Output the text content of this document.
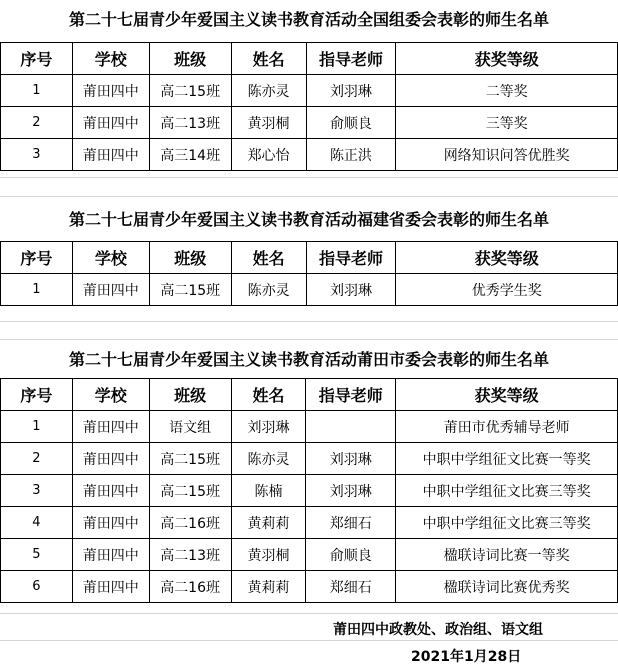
第二十七届青少年爱国主义读书教育活动全国组委会表彰的师生名单
序号	学校	班级	姓名	指导老师	获奖等级
1	莆田四中	高二15班	陈亦灵	刘羽琳	二等奖
2	莆田四中	高二13班	黄羽桐	俞顺良	三等奖
3	莆田四中	高三14班	郑心怡	陈正洪	网络知识问答优胜奖
第二十七届青少年爱国主义读书教育活动福建省委会表彰的师生名单
序号	学校	班级	姓名	指导老师	获奖等级
1	莆田四中	高二15班	陈亦灵	刘羽琳	优秀学生奖
第二十七届青少年爱国主义读书教育活动莆田市委会表彰的师生名单
序号	学校	班级	姓名	指导老师	获奖等级
1	莆田四中	语文组	刘羽琳		莆田市优秀辅导老师
2	莆田四中	高二15班	陈亦灵	刘羽琳	中职中学组征文比赛一等奖
3	莆田四中	高二15班	陈楠	刘羽琳	中职中学组征文比赛三等奖
4	莆田四中	高二16班	黄莉莉	郑细石	中职中学组征文比赛三等奖
5	莆田四中	高二13班	黄羽桐	俞顺良	楹联诗词比赛一等奖
6	莆田四中	高二16班	黄莉莉	郑细石	楹联诗词比赛优秀奖
莆田四中政教处、政治组、语文组
2021年1月28日
